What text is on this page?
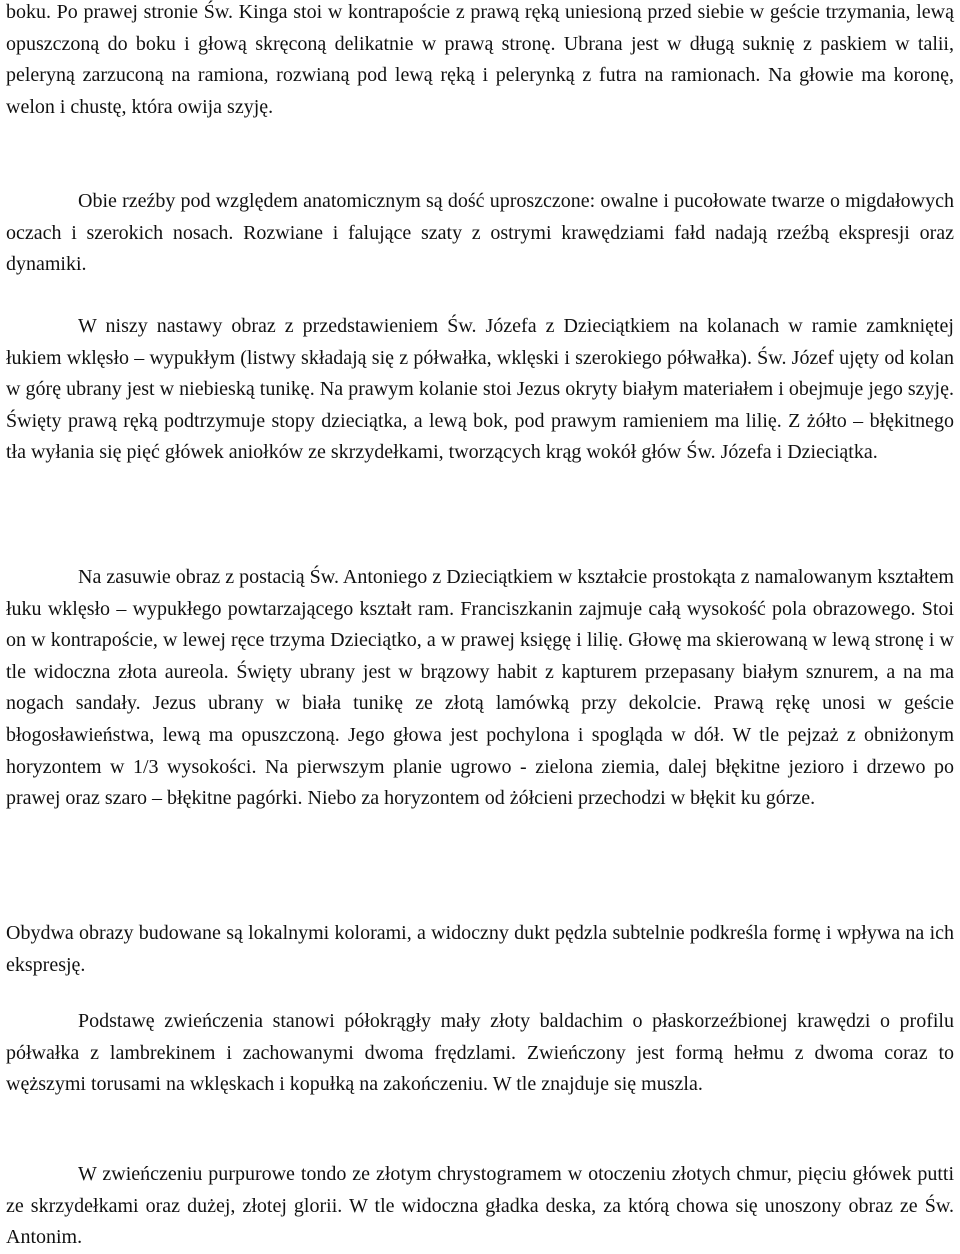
boku. Po prawej stronie Św. Kinga stoi w kontrapoście z prawą ręką uniesioną przed siebie w geście trzymania, lewą opuszczoną do boku i głową skręconą delikatnie w prawą stronę. Ubrana jest w długą suknię z paskiem w talii, peleryną zarzuconą na ramiona, rozwianą pod lewą ręką i pelerynką z futra na ramionach. Na głowie ma koronę, welon i chustę, która owija szyję.

Obie rzeźby pod względem anatomicznym są dość uproszczone: owalne i pucołowate twarze o migdałowych oczach i szerokich nosach. Rozwiane i falujące szaty z ostrymi krawędziami fałd nadają rzeźbą ekspresji oraz dynamiki.

W niszy nastawy obraz z przedstawieniem Św. Józefa z Dzieciątkiem na kolanach w ramie zamkniętej łukiem wklęsło – wypukłym (listwy składają się z półwałka, wklęski i szerokiego półwałka). Św. Józef ujęty od kolan w górę ubrany jest w niebieską tunikę. Na prawym kolanie stoi Jezus okryty białym materiałem i obejmuje jego szyję. Święty prawą ręką podtrzymuje stopy dzieciątka, a lewą bok, pod prawym ramieniem ma lilię. Z żółto – błękitnego tła wyłania się pięć główek aniołków ze skrzydełkami, tworzących krąg wokół głów Św. Józefa i Dzieciątka.

Na zasuwie obraz z postacią Św. Antoniego z Dzieciątkiem w kształcie prostokąta z namalowanym kształtem łuku wklęsło – wypukłego powtarzającego kształt ram. Franciszkanin zajmuje całą wysokość pola obrazowego. Stoi on w kontrapoście, w lewej ręce trzyma Dzieciątko, a w prawej księgę i lilię. Głowę ma skierowaną w lewą stronę i w tle widoczna złota aureola. Święty ubrany jest w brązowy habit z kapturem przepasany białym sznurem, a na ma nogach sandały. Jezus ubrany w biała tunikę ze złotą lamówką przy dekolcie. Prawą rękę unosi w geście błogosławieństwa, lewą ma opuszczoną. Jego głowa jest pochylona i spogląda w dół. W tle pejzaż z obniżonym horyzontem w 1/3 wysokości. Na pierwszym planie ugrowo - zielona ziemia, dalej błękitne jezioro i drzewo po prawej oraz szaro – błękitne pagórki. Niebo za horyzontem od żółcieni przechodzi w błękit ku górze.

Obydwa obrazy budowane są lokalnymi kolorami, a widoczny dukt pędzla subtelnie podkreśla formę i wpływa na ich ekspresję.

Podstawę zwieńczenia stanowi półokrągły mały złoty baldachim o płaskorzeźbionej krawędzi o profilu półwałka z lambrekinem i zachowanymi dwoma frędzlami. Zwieńczony jest formą hełmu z dwoma coraz to węższymi torusami na wklęskach i kopułką na zakończeniu. W tle znajduje się muszla.

W zwieńczeniu purpurowe tondo ze złotym chrystogramem w otoczeniu złotych chmur, pięciu główek putti ze skrzydełkami oraz dużej, złotej glorii. W tle widoczna gładka deska, za którą chowa się unoszony obraz ze Św. Antonim.
